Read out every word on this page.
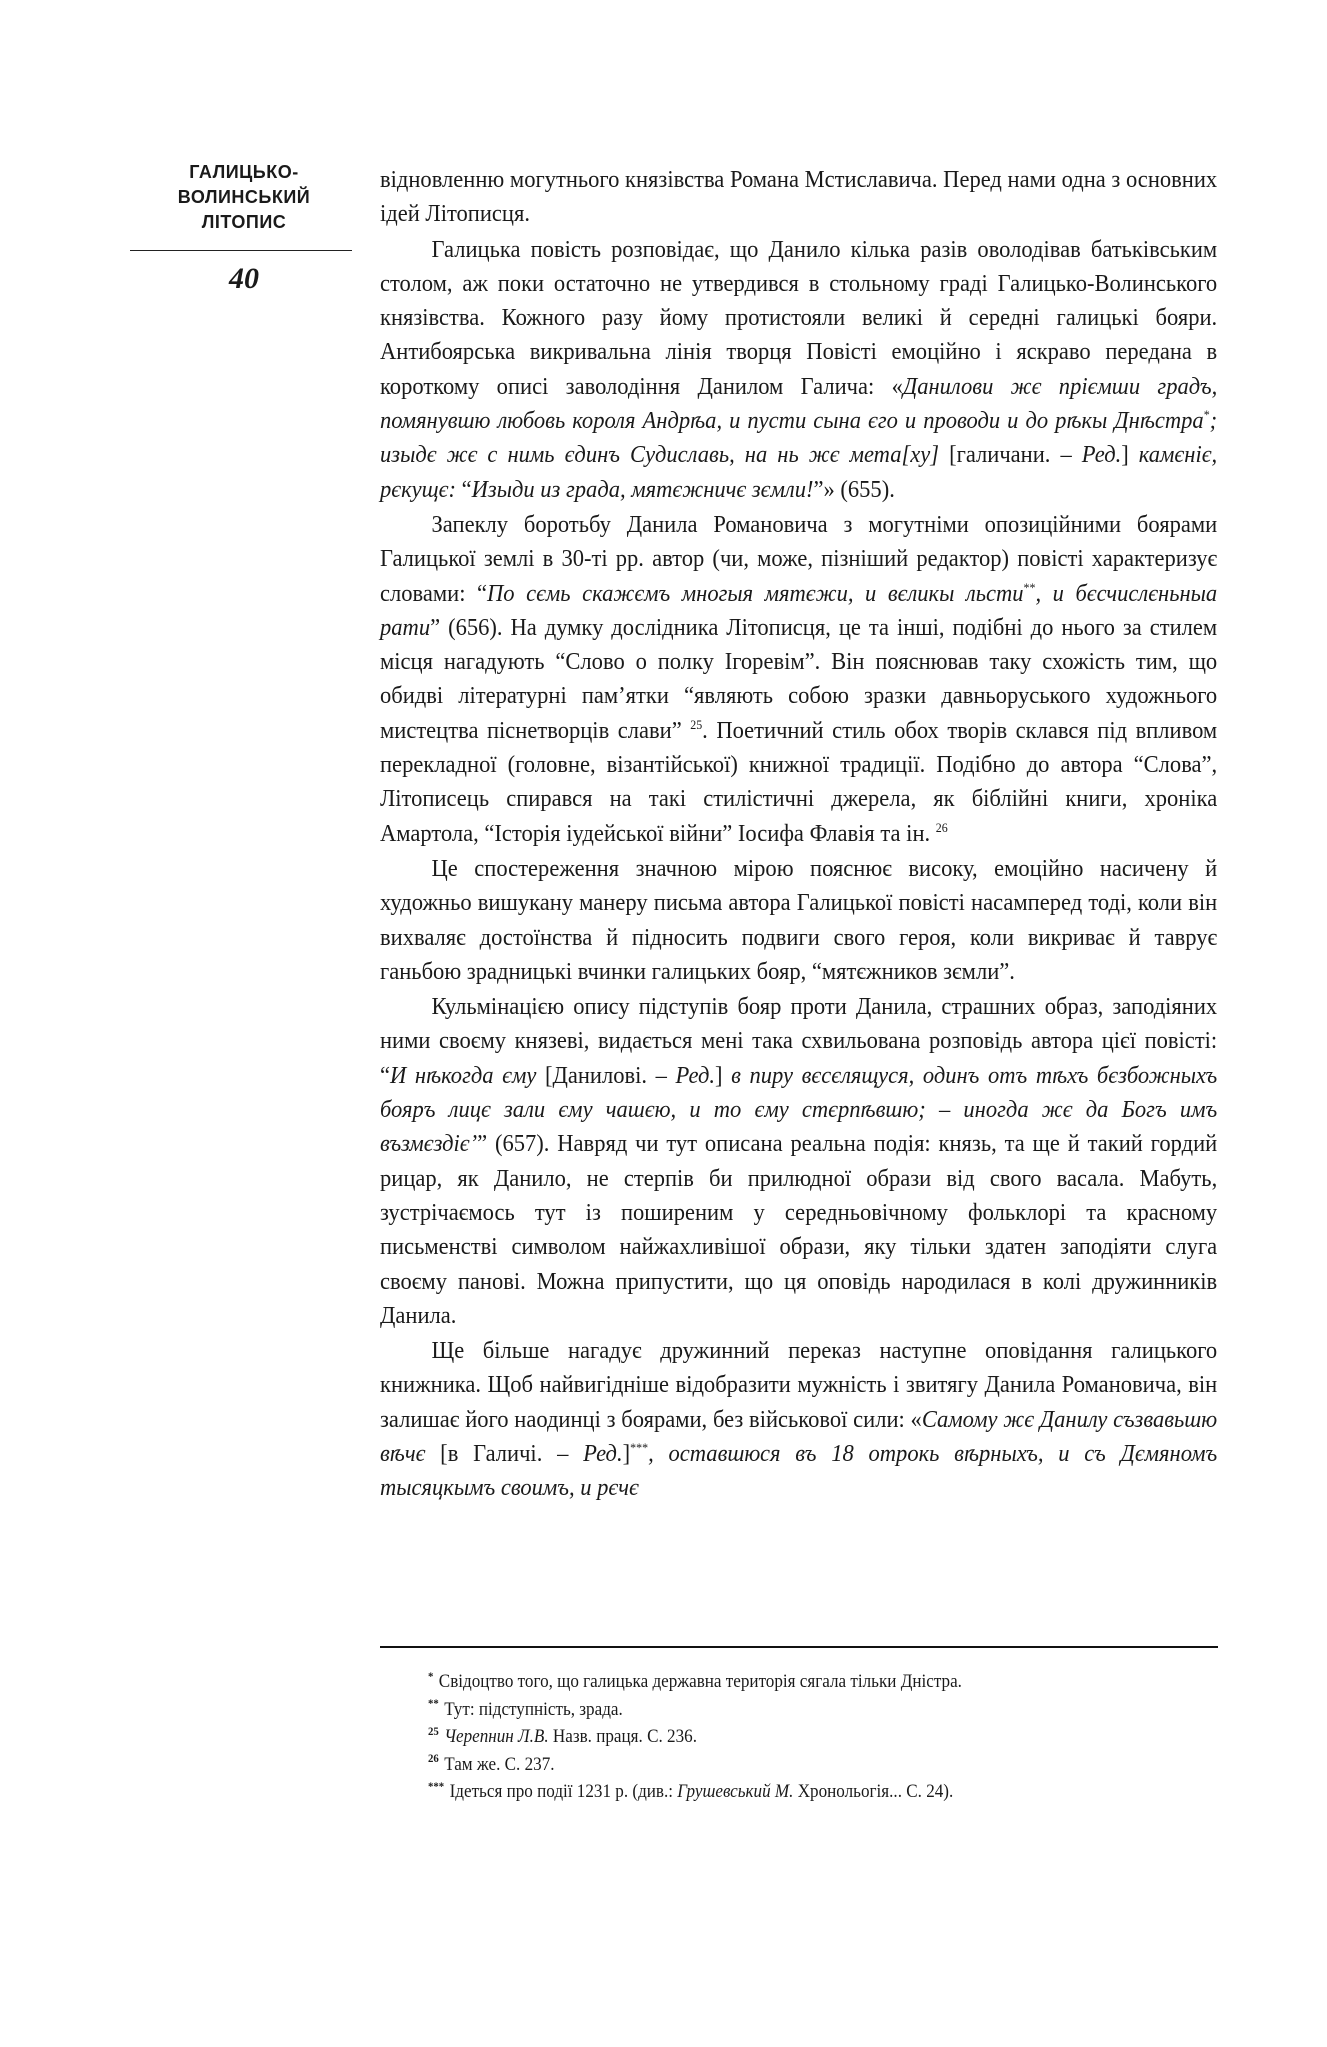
ГАЛИЦЬКО-
ВОЛИНСЬКИЙ
ЛІТОПИС
40

відновленню могутнього князівства Романа Мстиславича. Перед нами одна з основних ідей Літописця.

Галицька повість розповідає, що Данило кілька разів оволодівав батьківським столом, аж поки остаточно не утвердився в стольному граді Галицько-Волинського князівства. Кожного разу йому протистояли великі й середні галицькі бояри. Антибоярська викривальна лінія творця Повісті емоційно і яскраво передана в короткому описі заволодіння Данилом Галича: «Данилови жє пріємши градъ, помянувшю любовь короля Андрѣа, и пусти сына єго и проводи и до рѣкы Днѣстра*; изыдє жє с нимь єдинъ Судиславь, на нь жє мета[ху] [галичани. – Ред.] камєніє, рєкущє: “Изыди из града, мятєжничє зємли!”» (655).

Запеклу боротьбу Данила Романовича з могутніми опозиційними боярами Галицької землі в 30-ті рр. автор (чи, може, пізніший редактор) повісті характеризує словами: “По сємь скажємъ многыя мятєжи, и вєликы льсти**, и бєсчислєньныа рати” (656). На думку дослідника Літописця, це та інші, подібні до нього за стилем місця нагадують “Слово о полку Ігоревім”. Він пояснював таку схожість тим, що обидві літературні пам’ятки “являють собою зразки давньоруського художнього мистецтва піснетворців слави” $^{25}$. Поетичний стиль обох творів склався під впливом перекладної (головне, візантійської) книжної традиції. Подібно до автора “Слова”, Літописець спирався на такі стилістичні джерела, як біблійні книги, хроніка Амартола, “Історія іудейської війни” Іосифа Флавія та ін. $^{26}$

Це спостереження значною мірою пояснює високу, емоційно насичену й художньо вишукану манеру письма автора Галицької повісті насамперед тоді, коли він вихваляє достоїнства й підносить подвиги свого героя, коли викриває й таврує ганьбою зрадницькі вчинки галицьких бояр, “мятєжников зємли”.

Кульмінацією опису підступів бояр проти Данила, страшних образ, заподіяних ними своєму князеві, видається мені така схвильована розповідь автора цієї повісті: “И нѣкогда єму [Данилові. – Ред.] в пиру вєсєлящуся, одинъ отъ тѣхъ бєзбожныхъ бояръ лицє зали єму чашєю, и то єму стєрпѣвшю; – иногда жє да Богъ имъ възмєздієʼ” (657). Навряд чи тут описана реальна подія: князь, та ще й такий гордий рицар, як Данило, не стерпів би прилюдної образи від свого васала. Мабуть, зустрічаємось тут із поширеним у середньовічному фольклорі та красному письменстві символом найжахливішої образи, яку тільки здатен заподіяти слуга своєму панові. Можна припустити, що ця оповідь народилася в колі дружинників Данила.

Ще більше нагадує дружинний переказ наступне оповідання галицького книжника. Щоб найвигідніше відобразити мужність і звитягу Данила Романовича, він залишає його наодинці з боярами, без військової сили: «Самому жє Данилу съзвавьшю вѣчє [в Галичі. – Ред.]***, оставшюся въ 18 отрокь вѣрныхъ, и съ Дємяномъ тысяцкымъ своимъ, и рєчє

* Свідоцтво того, що галицька державна територія сягала тільки Дністра.
** Тут: підступність, зрада.
$^{25}$ Черепнин Л.В. Назв. праця. С. 236.
$^{26}$ Там же. С. 237.
*** Ідеться про події 1231 р. (див.: Грушевський М. Хронольогія... С. 24).
